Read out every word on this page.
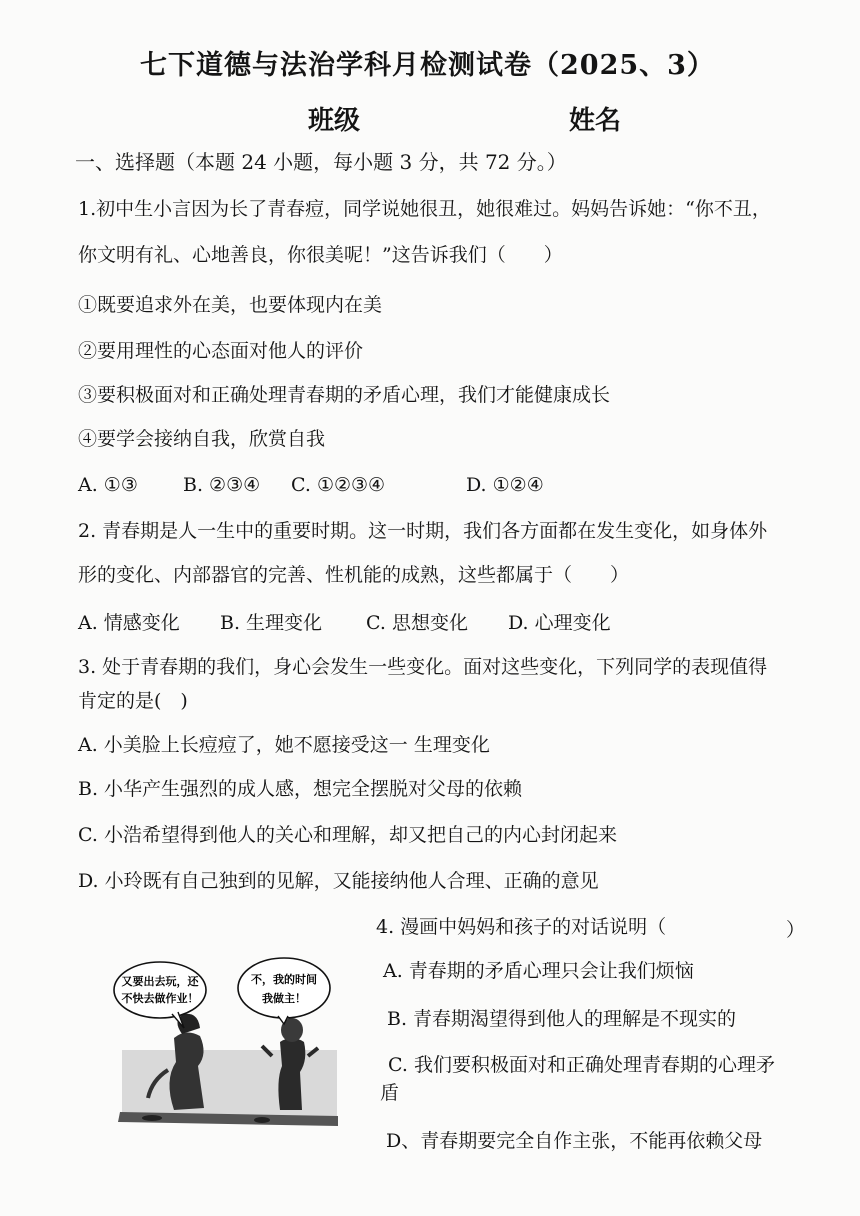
七下道德与法治学科月检测试卷（2025、3）
班级	姓名
一、选择题（本题 24 小题，每小题 3 分，共 72 分。）
1.初中生小言因为长了青春痘，同学说她很丑，她很难过。妈妈告诉她：“你不丑，
你文明有礼、心地善良，你很美呢！”这告诉我们（　　）
①既要追求外在美，也要体现内在美
②要用理性的心态面对他人的评价
③要积极面对和正确处理青春期的矛盾心理，我们才能健康成长
④要学会接纳自我，欣赏自我
A. ①③ B. ②③④ C. ①②③④	D. ①②④
2. 青春期是人一生中的重要时期。这一时期，我们各方面都在发生变化，如身体外
形的变化、内部器官的完善、性机能的成熟，这些都属于（　　）
A. 情感变化 B. 生理变化 C. 思想变化 D. 心理变化
3. 处于青春期的我们，身心会发生一些变化。面对这些变化，下列同学的表现值得
肯定的是(　)
A. 小美脸上长痘痘了，她不愿接受这一 生理变化
B. 小华产生强烈的成人感，想完全摆脱对父母的依赖
C. 小浩希望得到他人的关心和理解，却又把自己的内心封闭起来
D. 小玲既有自己独到的见解，又能接纳他人合理、正确的意见
4. 漫画中妈妈和孩子的对话说明（	）
A. 青春期的矛盾心理只会让我们烦恼
B. 青春期渴望得到他人的理解是不现实的
C. 我们要积极面对和正确处理青春期的心理矛
盾
D、青春期要完全自作主张，不能再依赖父母
又要出去玩，还
不快去做作业！
不，我的时间
我做主！
